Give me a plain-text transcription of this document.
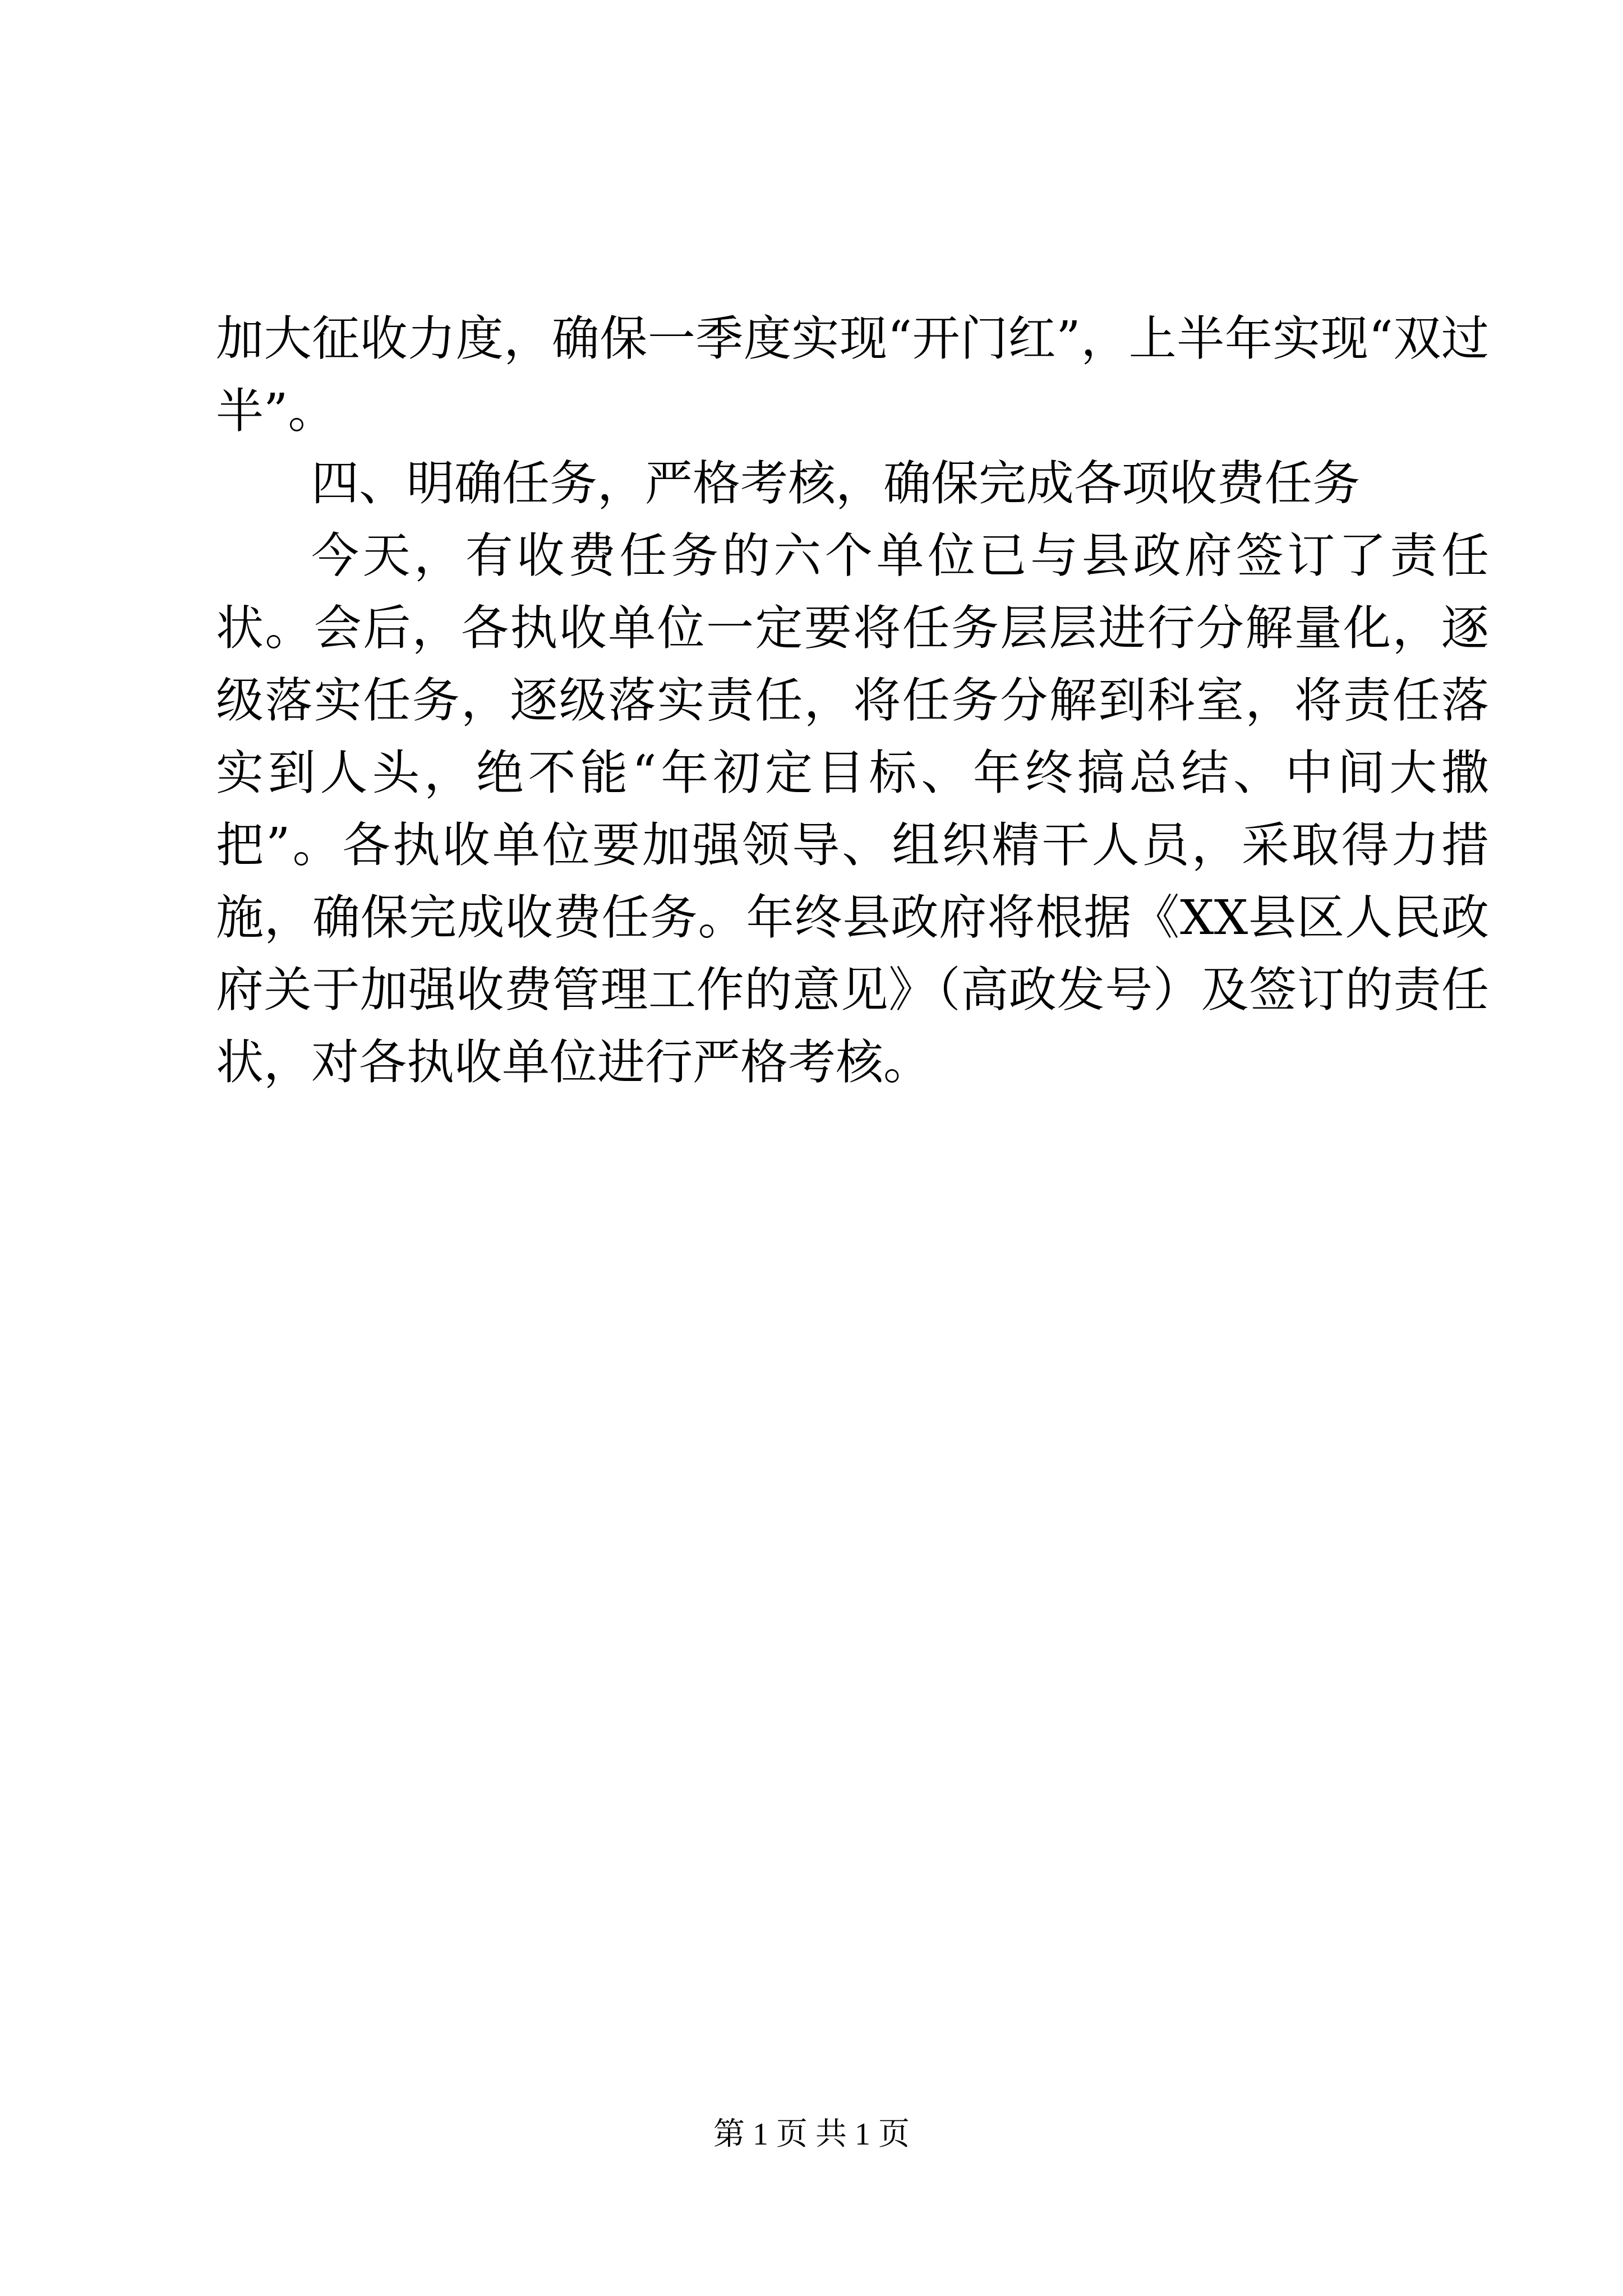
加大征收力度，确保一季度实现“开门红”，上半年实现“双过半”。

四、明确任务，严格考核，确保完成各项收费任务

今天，有收费任务的六个单位已与县政府签订了责任状。会后，各执收单位一定要将任务层层进行分解量化，逐级落实任务，逐级落实责任，将任务分解到科室，将责任落实到人头，绝不能“年初定目标、年终搞总结、中间大撒把”。各执收单位要加强领导、组织精干人员，采取得力措施，确保完成收费任务。年终县政府将根据《XX县区人民政府关于加强收费管理工作的意见》（高政发号）及签订的责任状，对各执收单位进行严格考核。

第 1 页 共 1 页
